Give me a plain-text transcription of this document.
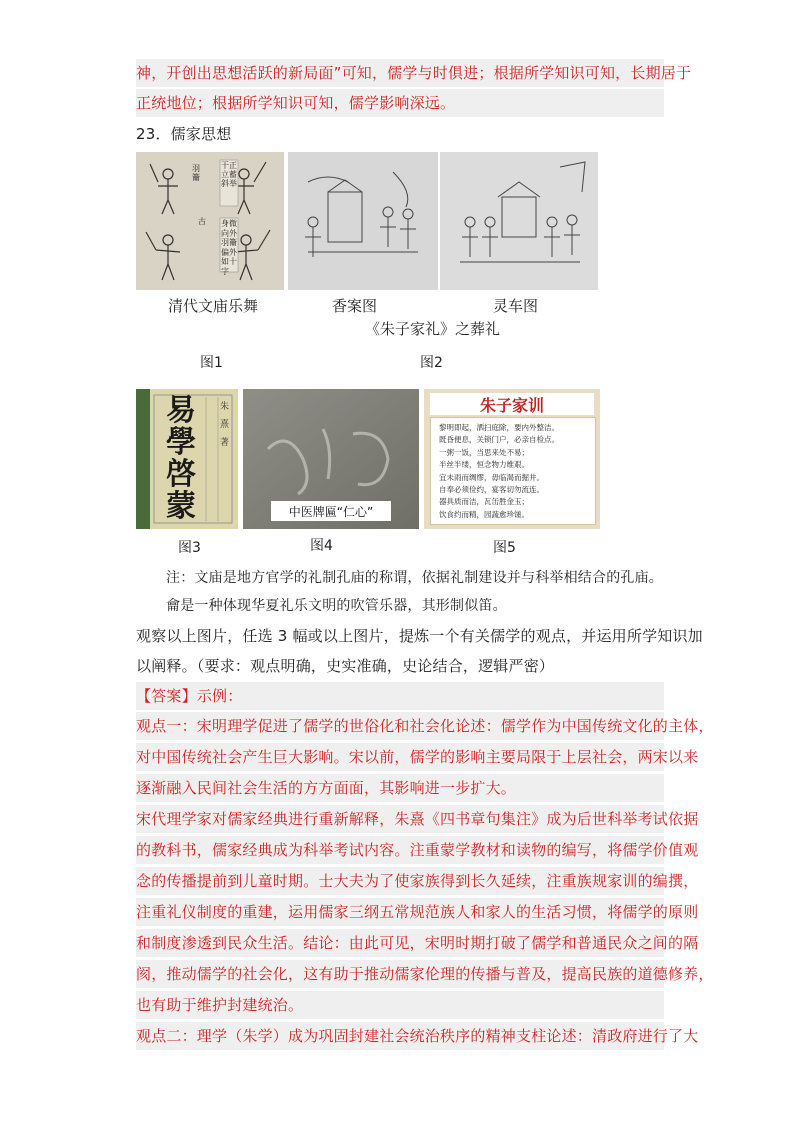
神，开创出思想活跃的新局面”可知，儒学与时俱进；根据所学知识可知，长期居于
正统地位；根据所学知识可知，儒学影响深远。
23．儒家思想
干正立蓄斜举
羽籥
古 身微向外羽籥偏外如十字
清代文庙乐舞	香案图	灵车图
《朱子家礼》之葬礼
图1	图2
易學啓蒙
朱
熹
著
中医牌匾“仁心”
朱子家训
黎明即起，洒扫庭除，要内外整洁。
既昏便息，关锁门户，必亲自检点。
一粥一饭，当思来处不易；
半丝半缕，恒念物力维艰。
宜未雨而绸缪，毋临渴而掘井。
自奉必须俭约，宴客切勿流连。
器具质而洁，瓦缶胜金玉；
饮食约而精，园蔬愈珍馐。
图3	图4	图5
注：文庙是地方官学的礼制孔庙的称谓，依据礼制建设并与科举相结合的孔庙。
龠是一种体现华夏礼乐文明的吹管乐器，其形制似笛。
观察以上图片，任选 3 幅或以上图片，提炼一个有关儒学的观点，并运用所学知识加
以阐释。（要求：观点明确，史实准确，史论结合，逻辑严密）
【答案】示例：
观点一：宋明理学促进了儒学的世俗化和社会化论述：儒学作为中国传统文化的主体，
对中国传统社会产生巨大影响。宋以前，儒学的影响主要局限于上层社会，两宋以来
逐渐融入民间社会生活的方方面面，其影响进一步扩大。
宋代理学家对儒家经典进行重新解释，朱熹《四书章句集注》成为后世科举考试依据
的教科书，儒家经典成为科举考试内容。注重蒙学教材和读物的编写，将儒学价值观
念的传播提前到儿童时期。士大夫为了使家族得到长久延续，注重族规家训的编撰，
注重礼仪制度的重建，运用儒家三纲五常规范族人和家人的生活习惯，将儒学的原则
和制度渗透到民众生活。结论：由此可见，宋明时期打破了儒学和普通民众之间的隔
阂，推动儒学的社会化，这有助于推动儒家伦理的传播与普及，提高民族的道德修养，
也有助于维护封建统治。
观点二：理学（朱学）成为巩固封建社会统治秩序的精神支柱论述：清政府进行了大
